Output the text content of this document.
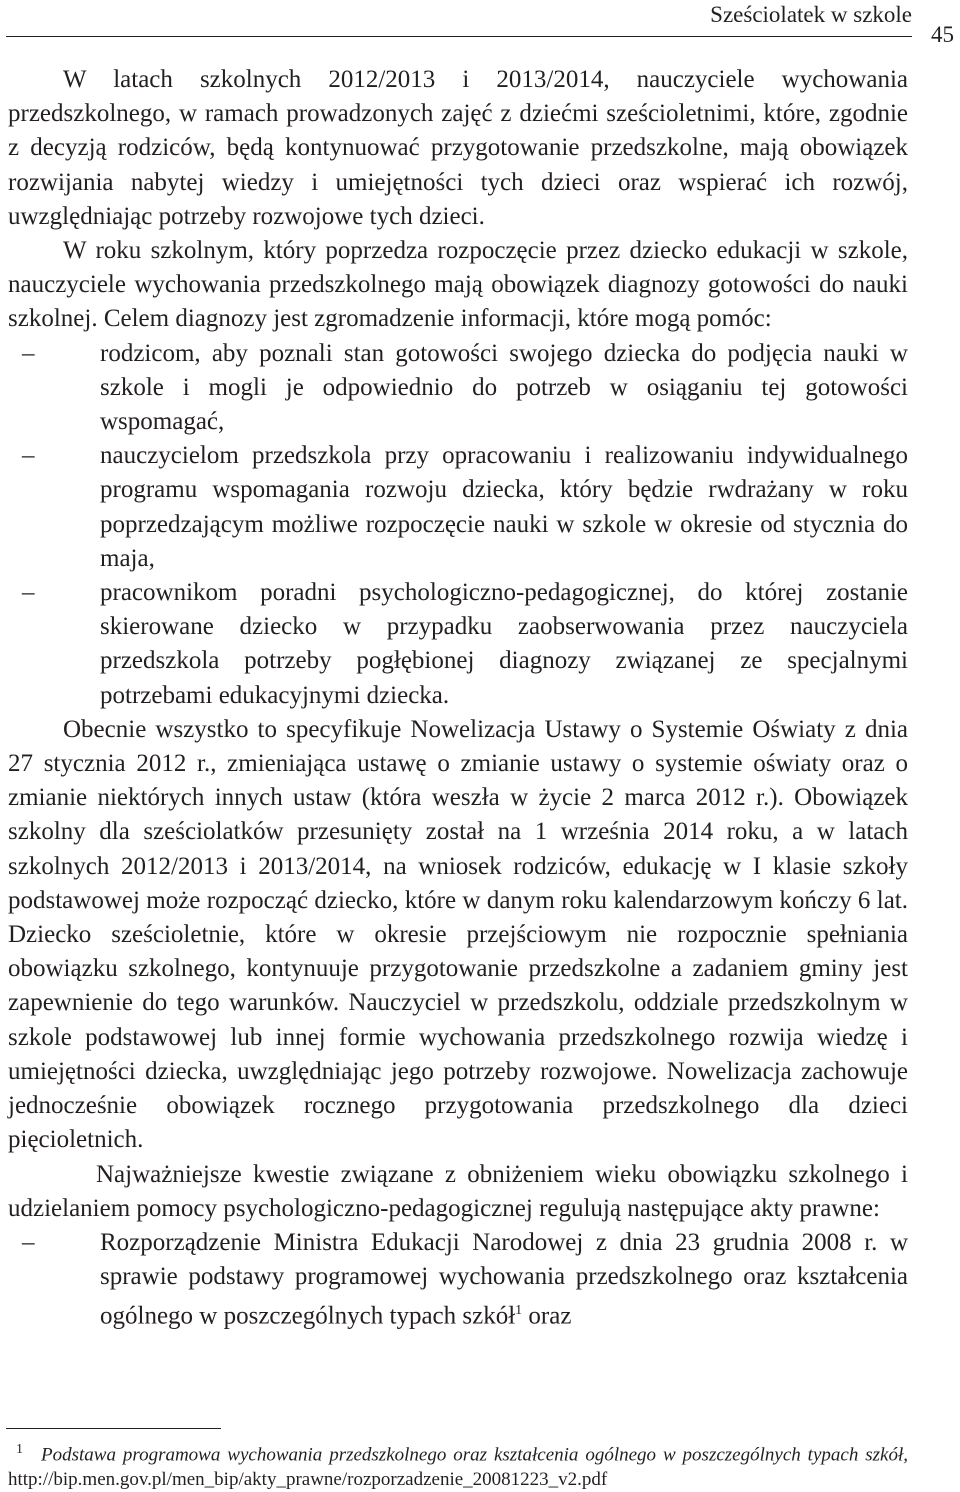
Sześciolatek w szkole
45

W latach szkolnych 2012/2013 i 2013/2014, nauczyciele wychowania przedszkolnego, w ramach prowadzonych zajęć z dziećmi sześcioletnimi, które, zgodnie z decyzją rodziców, będą kontynuować przygotowanie przedszkolne, mają obowiązek rozwijania nabytej wiedzy i umiejętności tych dzieci oraz wspierać ich rozwój, uwzględniając potrzeby rozwojowe tych dzieci.

W roku szkolnym, który poprzedza rozpoczęcie przez dziecko edukacji w szkole, nauczyciele wychowania przedszkolnego mają obowiązek diagnozy gotowości do nauki szkolnej. Celem diagnozy jest zgromadzenie informacji, które mogą pomóc:

–	rodzicom, aby poznali stan gotowości swojego dziecka do podjęcia nauki w szkole i mogli je odpowiednio do potrzeb w osiąganiu tej gotowości wspomagać,
–	nauczycielom przedszkola przy opracowaniu i realizowaniu indywidualnego programu wspomagania rozwoju dziecka, który będzie rwdrażany w roku poprzedzającym możliwe rozpoczęcie nauki w szkole w okresie od stycznia do maja,
–	pracownikom poradni psychologiczno-pedagogicznej, do której zostanie skierowane dziecko w przypadku zaobserwowania przez nauczyciela przedszkola potrzeby pogłębionej diagnozy związanej ze specjalnymi potrzebami edukacyjnymi dziecka.

Obecnie wszystko to specyfikuje Nowelizacja Ustawy o Systemie Oświaty z dnia 27 stycznia 2012 r., zmieniająca ustawę o zmianie ustawy o systemie oświaty oraz o zmianie niektórych innych ustaw (która weszła w życie 2 marca 2012 r.). Obowiązek szkolny dla sześciolatków przesunięty został na 1 września 2014 roku, a w latach szkolnych 2012/2013 i 2013/2014, na wniosek rodziców, edukację w I klasie szkoły podstawowej może rozpocząć dziecko, które w danym roku kalendarzowym kończy 6 lat. Dziecko sześcioletnie, które w okresie przejściowym nie rozpocznie spełniania obowiązku szkolnego, kontynuuje przygotowanie przedszkolne a zadaniem gminy jest zapewnienie do tego warunków. Nauczyciel w przedszkolu, oddziale przedszkolnym w szkole podstawowej lub innej formie wychowania przedszkolnego rozwija wiedzę i umiejętności dziecka, uwzględniając jego potrzeby rozwojowe. Nowelizacja zachowuje jednocześnie obowiązek rocznego przygotowania przedszkolnego dla dzieci pięcioletnich.

Najważniejsze kwestie związane z obniżeniem wieku obowiązku szkolnego i udzielaniem pomocy psychologiczno-pedagogicznej regulują następujące akty prawne:

–	Rozporządzenie Ministra Edukacji Narodowej z dnia 23 grudnia 2008 r. w sprawie podstawy programowej wychowania przedszkolnego oraz kształcenia ogólnego w poszczególnych typach szkół$^1$ oraz
$^1$ Podstawa programowa wychowania przedszkolnego oraz kształcenia ogólnego w poszczególnych typach szkół, http://bip.men.gov.pl/men_bip/akty_prawne/rozporzadzenie_20081223_v2.pdf
